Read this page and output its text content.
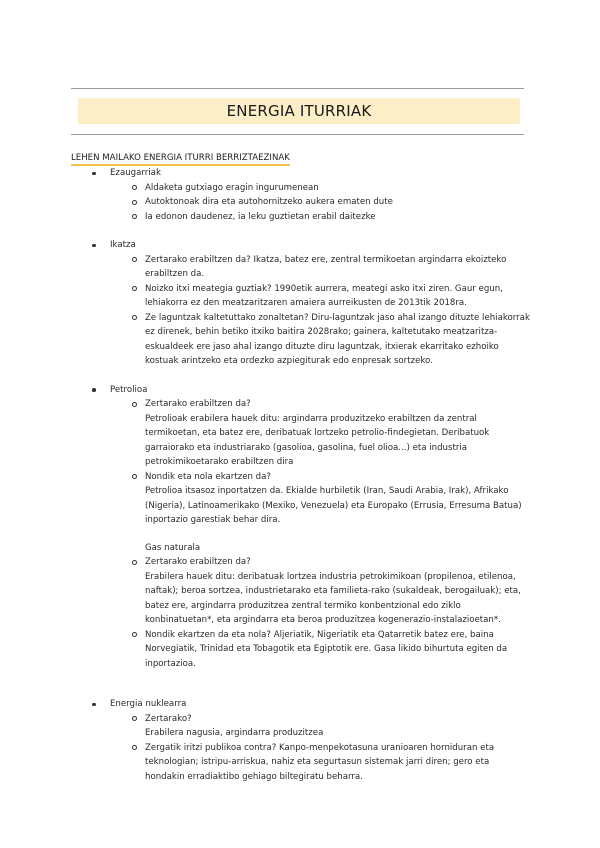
ENERGIA ITURRIAK
LEHEN MAILAKO ENERGIA ITURRI BERRIZTAEZINAK
Ezaugarriak
Aldaketa gutxiago eragin ingurumenean
Autoktonoak dira eta autohornitzeko aukera ematen dute
Ia edonon daudenez, ia leku guztietan erabil daitezke
Ikatza
Zertarako erabiltzen da? Ikatza, batez ere, zentral termikoetan argindarra ekoizteko erabiltzen da.
Noizko itxi meategia guztiak? 1990etik aurrera, meategi asko itxi ziren. Gaur egun, lehiakorra ez den meatzaritzaren amaiera aurreikusten de 2013tik 2018ra.
Ze laguntzak kaltetuttako zonaltetan? Diru-laguntzak jaso ahal izango dituzte lehiakorrak ez direnek, behin betiko itxiko baitira 2028rako; gainera, kaltetutako meatzaritza-eskualdeek ere jaso ahal izango dituzte diru laguntzak, itxierak ekarritako ezhoiko kostuak arintzeko eta ordezko azpiegiturak edo enpresak sortzeko.
Petrolioa

Zertarako erabiltzen da?

Petrolioak erabilera hauek ditu: argindarra produzitzeko erabiltzen da zentral termikoetan, eta batez ere, deribatuak lortzeko petrolio-findegietan. Deribatuok garraiorako eta industriarako (gasolioa, gasolina, fuel olioa...) eta industria petrokimikoetarako erabiltzen dira

Nondik eta nola ekartzen da?

Petrolioa itsasoz inportatzen da. Ekialde hurbiletik (Iran, Saudi Arabia, Irak), Afrikako (Nigeria), Latinoamerikako (Mexiko, Venezuela) eta Europako (Errusia, Erresuma Batua) inportazio garestiak behar dira.

Gas naturala

Zertarako erabiltzen da?

Erabilera hauek ditu: deribatuak lortzea industria petrokimikoan (propilenoa, etilenoa, naftak); beroa sortzea, industrietarako eta familieta-rako (sukaldeak, berogailuak); eta, batez ere, argindarra produzitzea zentral termiko konbentzional edo ziklo konbinatuetan*, eta argindarra eta beroa produzitzea kogenerazio-instalazioetan*.

Nondik ekartzen da eta nola? Aljeriatik, Nigeriatik eta Qatarretik batez ere, baina Norvegiatik, Trinidad eta Tobagotik eta Egiptotik ere. Gasa likido bihurtuta egiten da inportazioa.

Energia nuklearra

Zertarako?

Erabilera nagusia, argindarra produzitzea

Zergatik iritzi publikoa contra? Kanpo-menpekotasuna uranioaren horniduran eta teknologian; istripu-arriskua, nahiz eta segurtasun sistemak jarri diren; gero eta hondakin erradiaktibo gehiago biltegiratu beharra.
